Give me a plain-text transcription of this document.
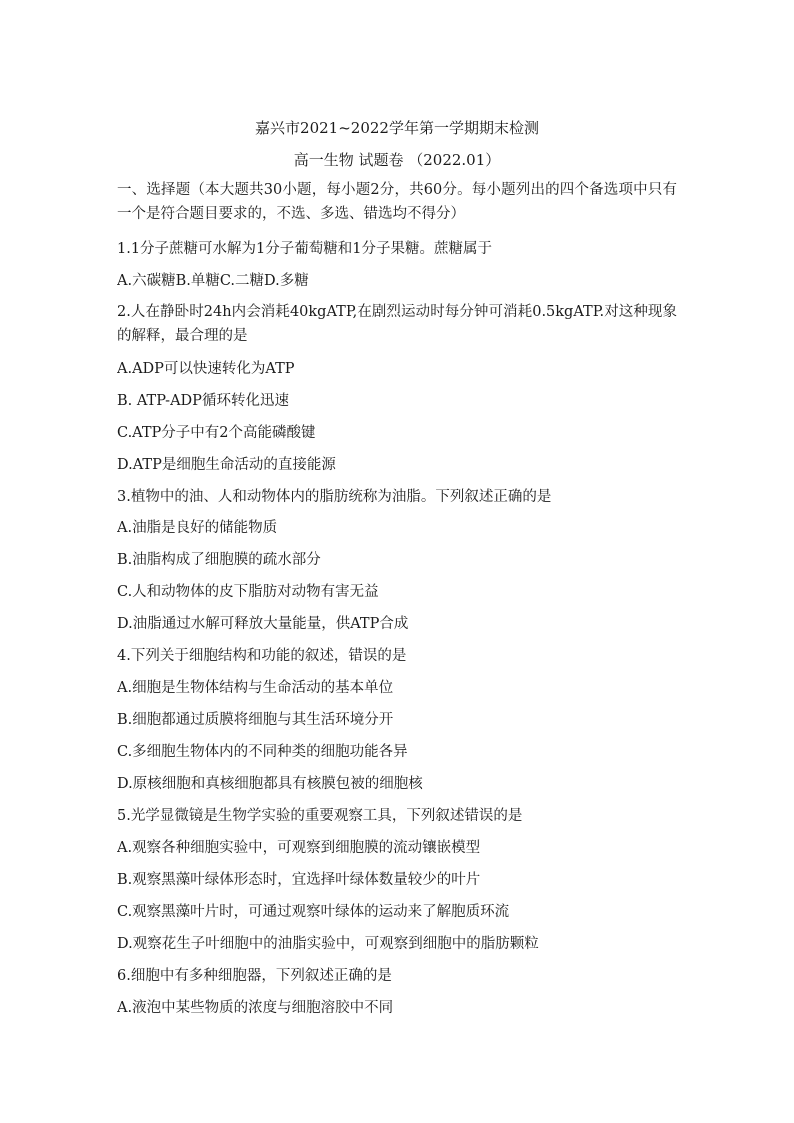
嘉兴市2021~2022学年第一学期期末检测
高一生物 试题卷 （2022.01）
一、选择题（本大题共30小题，每小题2分，共60分。每小题列出的四个备选项中只有一个是符合题目要求的，不选、多选、错选均不得分）
1.1分子蔗糖可水解为1分子葡萄糖和1分子果糖。蔗糖属于
A.六碳糖B.单糖C.二糖D.多糖
2.人在静卧时24h内会消耗40kgATP,在剧烈运动时每分钟可消耗0.5kgATP.对这种现象的解释，最合理的是
A.ADP可以快速转化为ATP
B. ATP-ADP循环转化迅速
C.ATP分子中有2个高能磷酸键
D.ATP是细胞生命活动的直接能源
3.植物中的油、人和动物体内的脂肪统称为油脂。下列叙述正确的是
A.油脂是良好的储能物质
B.油脂构成了细胞膜的疏水部分
C.人和动物体的皮下脂肪对动物有害无益
D.油脂通过水解可释放大量能量，供ATP合成
4.下列关于细胞结构和功能的叙述，错误的是
A.细胞是生物体结构与生命活动的基本单位
B.细胞都通过质膜将细胞与其生活环境分开
C.多细胞生物体内的不同种类的细胞功能各异
D.原核细胞和真核细胞都具有核膜包被的细胞核
5.光学显微镜是生物学实验的重要观察工具，下列叙述错误的是
A.观察各种细胞实验中，可观察到细胞膜的流动镶嵌模型
B.观察黑藻叶绿体形态时，宜选择叶绿体数量较少的叶片
C.观察黑藻叶片时，可通过观察叶绿体的运动来了解胞质环流
D.观察花生子叶细胞中的油脂实验中，可观察到细胞中的脂肪颗粒
6.细胞中有多种细胞器，下列叙述正确的是
A.液泡中某些物质的浓度与细胞溶胶中不同
